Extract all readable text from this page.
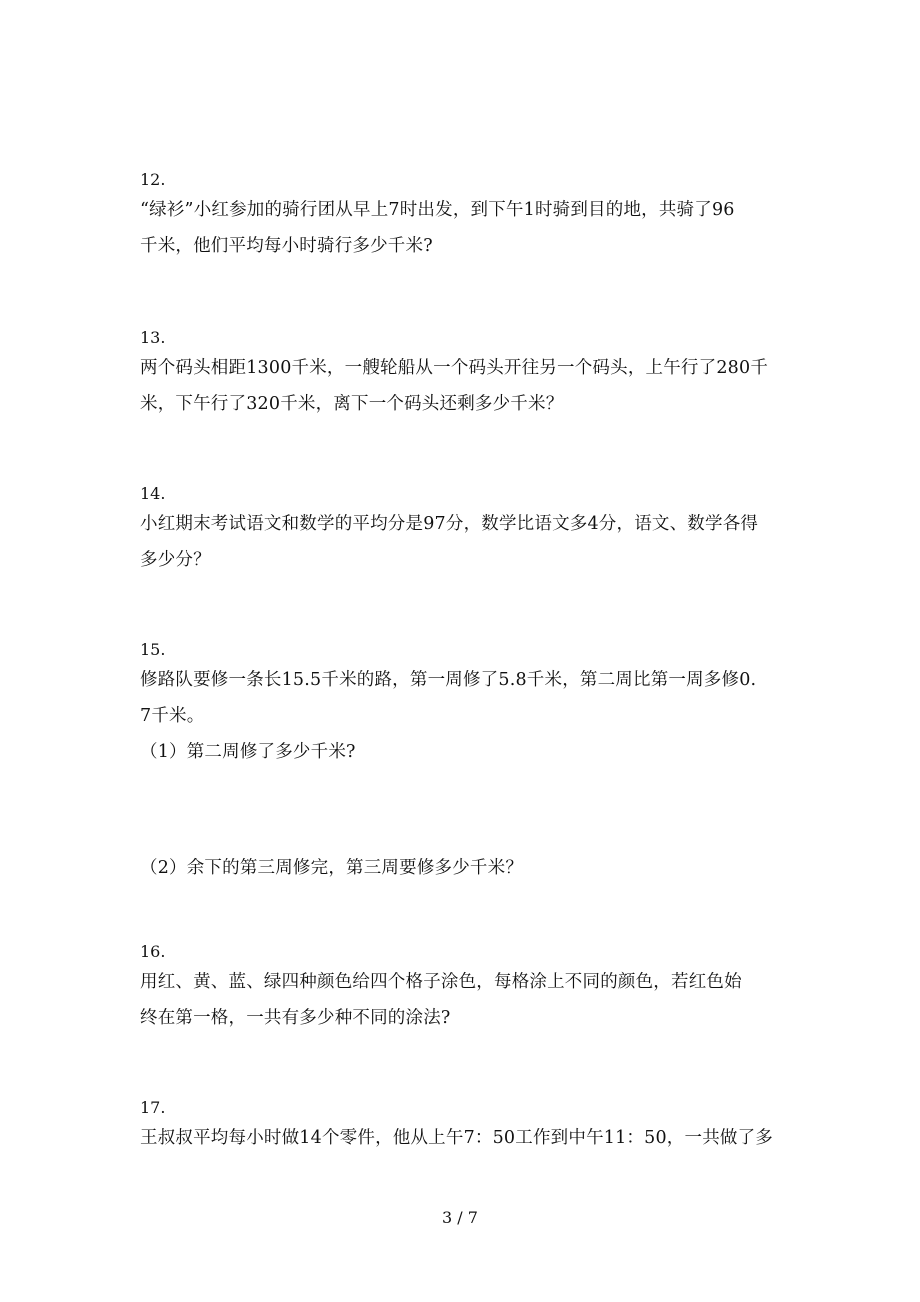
12.
“绿衫”小红参加的骑行团从早上7时出发，到下午1时骑到目的地，共骑了96
千米，他们平均每小时骑行多少千米?
13.
两个码头相距1300千米，一艘轮船从一个码头开往另一个码头，上午行了280千
米，下午行了320千米，离下一个码头还剩多少千米？
14.
小红期末考试语文和数学的平均分是97分，数学比语文多4分，语文、数学各得
多少分？
15.
修路队要修一条长15.5千米的路，第一周修了5.8千米，第二周比第一周多修0.
7千米。
（1）第二周修了多少千米?
（2）余下的第三周修完，第三周要修多少千米？
16.
用红、黄、蓝、绿四种颜色给四个格子涂色，每格涂上不同的颜色，若红色始
终在第一格，一共有多少种不同的涂法?
17.
王叔叔平均每小时做14个零件，他从上午7：50工作到中午11：50，一共做了多
3 / 7
